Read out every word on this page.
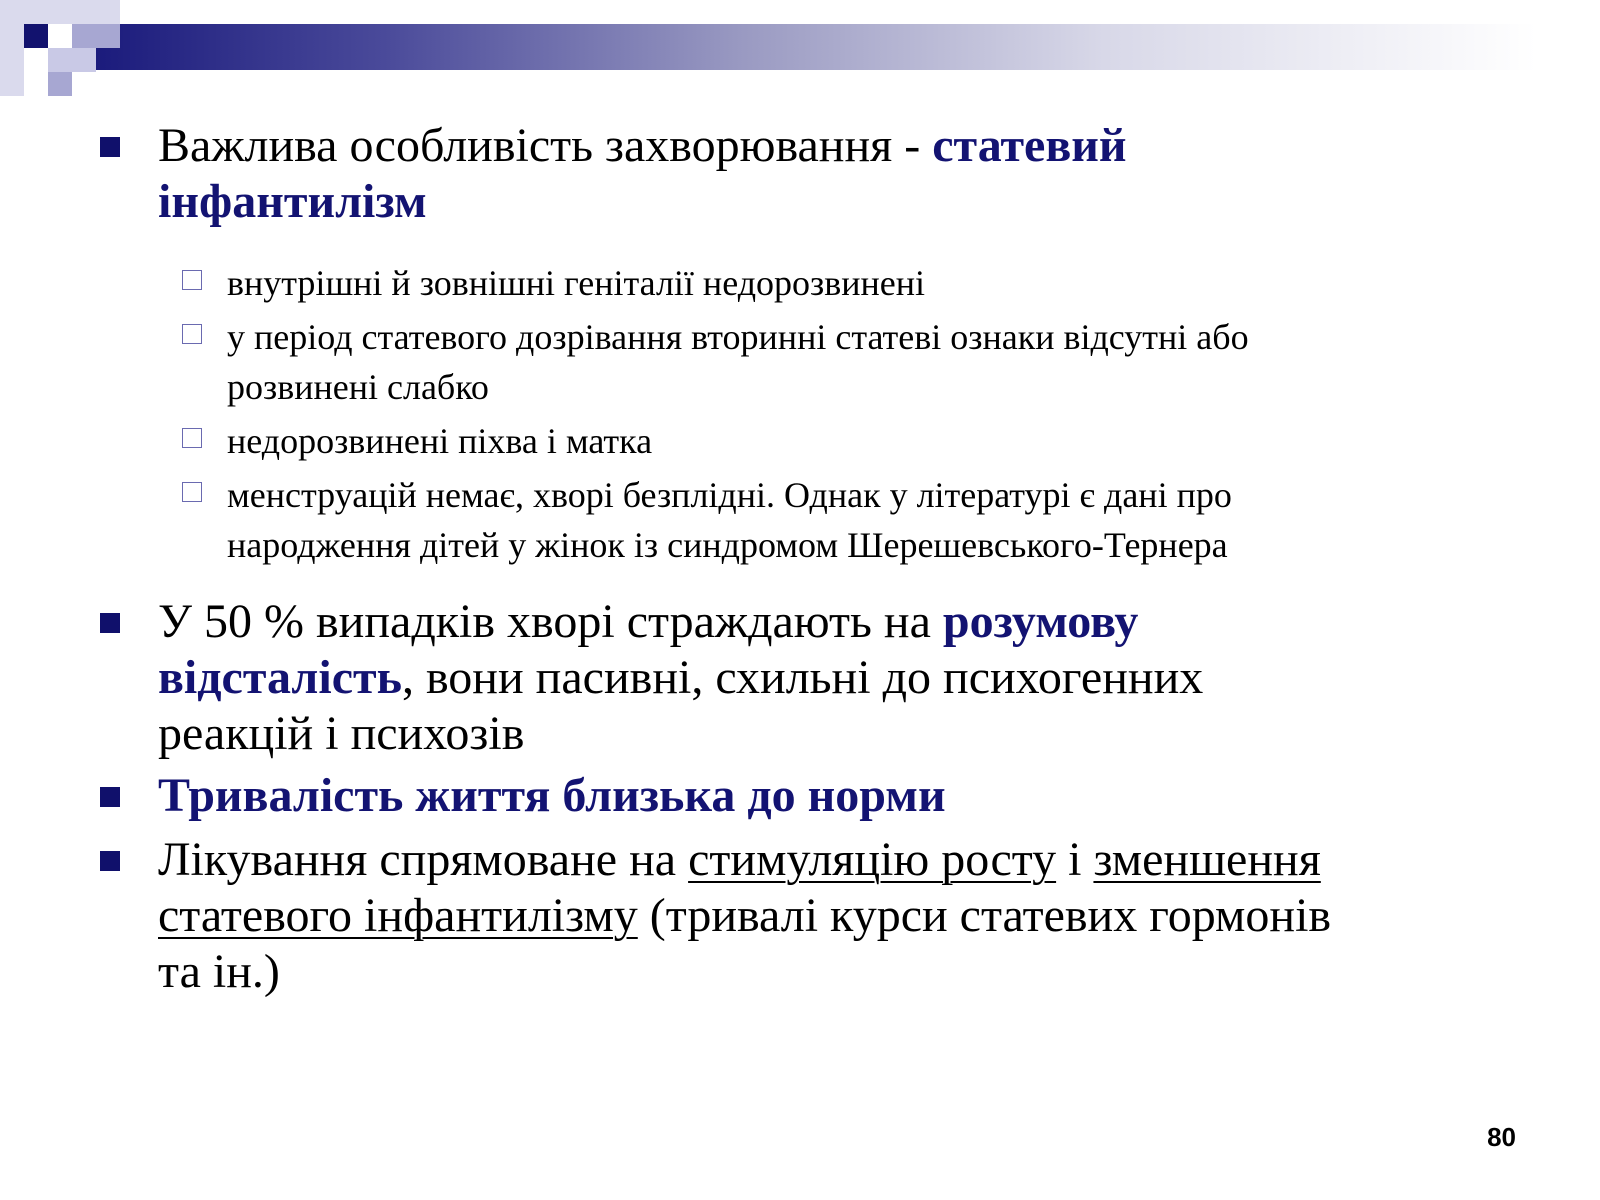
Важлива особливість захворювання - статевий інфантилізм
внутрішні й зовнішні геніталії недорозвинені
у період статевого дозрівання вторинні статеві ознаки відсутні або розвинені слабко
недорозвинені піхва і матка
менструацій немає, хворі безплідні. Однак у літературі є дані про народження дітей у жінок із синдромом Шерешевського-Тернера
У 50 % випадків хворі страждають на розумову відсталість, вони пасивні, схильні до психогенних реакцій і психозів
Тривалість життя близька до норми
Лікування спрямоване на стимуляцію росту і зменшення статевого інфантилізму (тривалі курси статевих гормонів та ін.)
80
